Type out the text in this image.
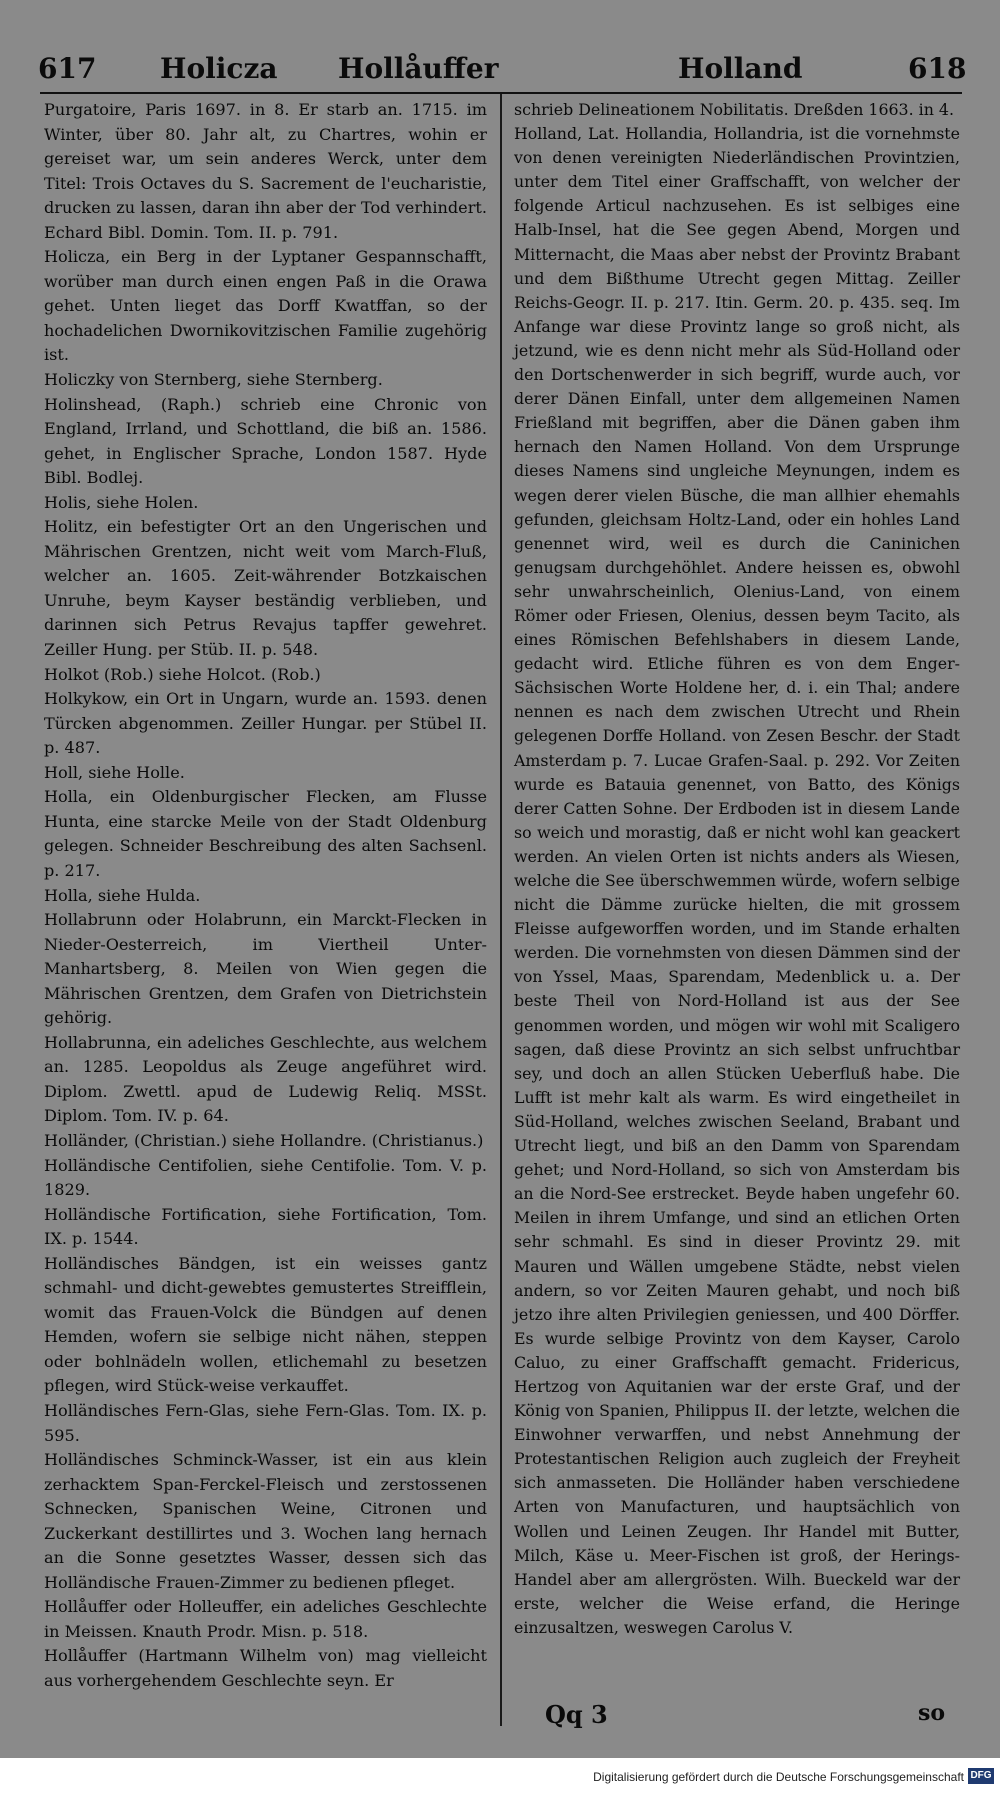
617 Holicza Hollåuffer	Holland	618

Purgatoire, Paris 1697. in 8. Er starb an. 1715. im Winter, über 80. Jahr alt, zu Chartres, wohin er gereiset war, um sein anderes Werck, unter dem Titel: Trois Octaves du S. Sacrement de l'eucharistie, drucken zu lassen, daran ihn aber der Tod verhindert. Echard Bibl. Domin. Tom. II. p. 791.

Holicza, ein Berg in der Lyptaner Gespannschafft, worüber man durch einen engen Paß in die Orawa gehet. Unten lieget das Dorff Kwatffan, so der hochadelichen Dwornikovitzischen Familie zugehörig ist.

Holiczky von Sternberg, siehe Sternberg.

Holinshead, (Raph.) schrieb eine Chronic von England, Irrland, und Schottland, die biß an. 1586. gehet, in Englischer Sprache, London 1587. Hyde Bibl. Bodlej.

Holis, siehe Holen.

Holitz, ein befestigter Ort an den Ungerischen und Mährischen Grentzen, nicht weit vom March-Fluß, welcher an. 1605. Zeit-währender Botzkaischen Unruhe, beym Kayser beständig verblieben, und darinnen sich Petrus Revajus tapffer gewehret. Zeiller Hung. per Stüb. II. p. 548.

Holkot (Rob.) siehe Holcot. (Rob.)

Holkykow, ein Ort in Ungarn, wurde an. 1593. denen Türcken abgenommen. Zeiller Hungar. per Stübel II. p. 487.

Holl, siehe Holle.

Holla, ein Oldenburgischer Flecken, am Flusse Hunta, eine starcke Meile von der Stadt Oldenburg gelegen. Schneider Beschreibung des alten Sachsenl. p. 217.

Holla, siehe Hulda.

Hollabrunn oder Holabrunn, ein Marckt-Flecken in Nieder-Oesterreich, im Viertheil Unter-Manhartsberg, 8. Meilen von Wien gegen die Mährischen Grentzen, dem Grafen von Dietrichstein gehörig.

Hollabrunna, ein adeliches Geschlechte, aus welchem an. 1285. Leopoldus als Zeuge angeführet wird. Diplom. Zwettl. apud de Ludewig Reliq. MSSt. Diplom. Tom. IV. p. 64.

Holländer, (Christian.) siehe Hollandre. (Christianus.)

Holländische Centifolien, siehe Centifolie. Tom. V. p. 1829.

Holländische Fortification, siehe Fortification, Tom. IX. p. 1544.

Holländisches Bändgen, ist ein weisses gantz schmahl- und dicht-gewebtes gemustertes Streifflein, womit das Frauen-Volck die Bündgen auf denen Hemden, wofern sie selbige nicht nähen, steppen oder bohlnädeln wollen, etlichemahl zu besetzen pflegen, wird Stück-weise verkauffet.

Holländisches Fern-Glas, siehe Fern-Glas. Tom. IX. p. 595.

Holländisches Schminck-Wasser, ist ein aus klein zerhacktem Span-Ferckel-Fleisch und zerstossenen Schnecken, Spanischen Weine, Citronen und Zuckerkant destillirtes und 3. Wochen lang hernach an die Sonne gesetztes Wasser, dessen sich das Holländische Frauen-Zimmer zu bedienen pfleget.

Hollåuffer oder Holleuffer, ein adeliches Geschlechte in Meissen. Knauth Prodr. Misn. p. 518.

Hollåuffer (Hartmann Wilhelm von) mag vielleicht aus vorhergehendem Geschlechte seyn. Er

schrieb Delineationem Nobilitatis. Dreßden 1663. in 4.

Holland, Lat. Hollandia, Hollandria, ist die vornehmste von denen vereinigten Niederländischen Provintzien, unter dem Titel einer Graffschafft, von welcher der folgende Articul nachzusehen. Es ist selbiges eine Halb-Insel, hat die See gegen Abend, Morgen und Mitternacht, die Maas aber nebst der Provintz Brabant und dem Bißthume Utrecht gegen Mittag. Zeiller Reichs-Geogr. II. p. 217. Itin. Germ. 20. p. 435. seq. Im Anfange war diese Provintz lange so groß nicht, als jetzund, wie es denn nicht mehr als Süd-Holland oder den Dortschenwerder in sich begriff, wurde auch, vor derer Dänen Einfall, unter dem allgemeinen Namen Frießland mit begriffen, aber die Dänen gaben ihm hernach den Namen Holland. Von dem Ursprunge dieses Namens sind ungleiche Meynungen, indem es wegen derer vielen Büsche, die man allhier ehemahls gefunden, gleichsam Holtz-Land, oder ein hohles Land genennet wird, weil es durch die Caninichen genugsam durchgehöhlet. Andere heissen es, obwohl sehr unwahrscheinlich, Olenius-Land, von einem Römer oder Friesen, Olenius, dessen beym Tacito, als eines Römischen Befehlshabers in diesem Lande, gedacht wird. Etliche führen es von dem Enger-Sächsischen Worte Holdene her, d. i. ein Thal; andere nennen es nach dem zwischen Utrecht und Rhein gelegenen Dorffe Holland. von Zesen Beschr. der Stadt Amsterdam p. 7. Lucae Grafen-Saal. p. 292. Vor Zeiten wurde es Batauia genennet, von Batto, des Königs derer Catten Sohne. Der Erdboden ist in diesem Lande so weich und morastig, daß er nicht wohl kan geackert werden. An vielen Orten ist nichts anders als Wiesen, welche die See überschwemmen würde, wofern selbige nicht die Dämme zurücke hielten, die mit grossem Fleisse aufgeworffen worden, und im Stande erhalten werden. Die vornehmsten von diesen Dämmen sind der von Yssel, Maas, Sparendam, Medenblick u. a. Der beste Theil von Nord-Holland ist aus der See genommen worden, und mögen wir wohl mit Scaligero sagen, daß diese Provintz an sich selbst unfruchtbar sey, und doch an allen Stücken Ueberfluß habe. Die Lufft ist mehr kalt als warm. Es wird eingetheilet in Süd-Holland, welches zwischen Seeland, Brabant und Utrecht liegt, und biß an den Damm von Sparendam gehet; und Nord-Holland, so sich von Amsterdam bis an die Nord-See erstrecket. Beyde haben ungefehr 60. Meilen in ihrem Umfange, und sind an etlichen Orten sehr schmahl. Es sind in dieser Provintz 29. mit Mauren und Wällen umgebene Städte, nebst vielen andern, so vor Zeiten Mauren gehabt, und noch biß jetzo ihre alten Privilegien geniessen, und 400 Dörffer. Es wurde selbige Provintz von dem Kayser, Carolo Caluo, zu einer Graffschafft gemacht. Fridericus, Hertzog von Aquitanien war der erste Graf, und der König von Spanien, Philippus II. der letzte, welchen die Einwohner verwarffen, und nebst Annehmung der Protestantischen Religion auch zugleich der Freyheit sich anmasseten. Die Holländer haben verschiedene Arten von Manufacturen, und hauptsächlich von Wollen und Leinen Zeugen. Ihr Handel mit Butter, Milch, Käse u. Meer-Fischen ist groß, der Herings-Handel aber am allergrösten. Wilh. Bueckeld war der erste, welcher die Weise erfand, die Heringe einzusaltzen, weswegen Carolus V.

Qq 3	so
Digitalisierung gefördert durch die Deutsche Forschungsgemeinschaft DFG
